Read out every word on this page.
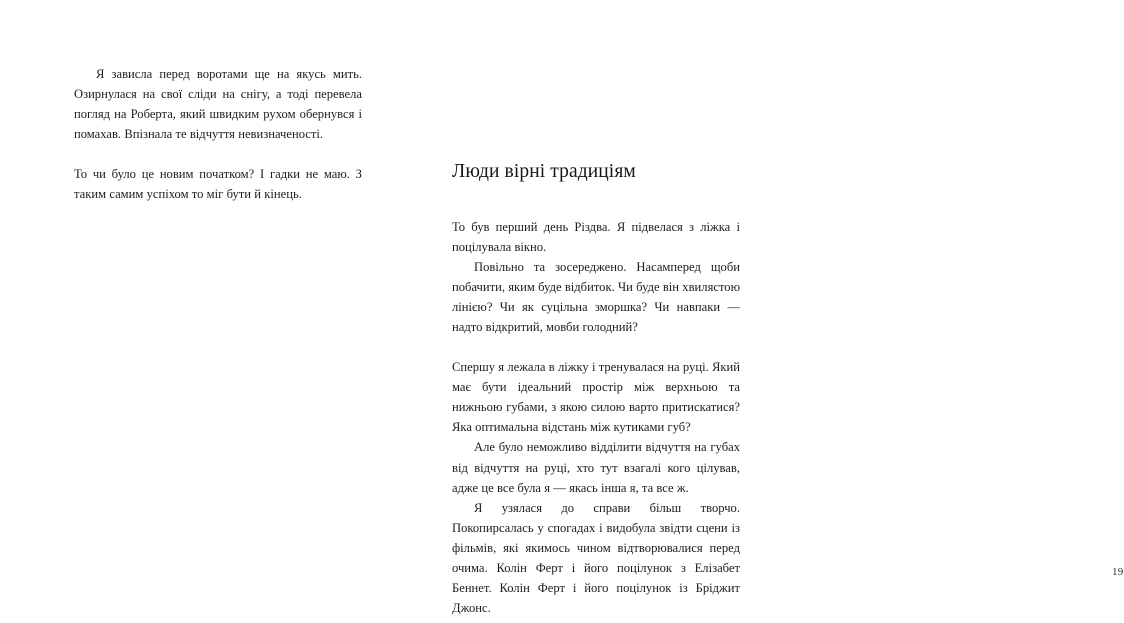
Я зависла перед воротами ще на якусь мить. Озирнулася на свої сліди на снігу, а тоді перевела погляд на Роберта, який швидким рухом обернувся і помахав. Впізнала те відчуття невизначеності.

То чи було це новим початком? І гадки не маю. З таким самим успіхом то міг бути й кінець.

Люди вірні традиціям

То був перший день Різдва. Я підвелася з ліжка і поцілувала вікно.

Повільно та зосереджено. Насамперед щоби побачити, яким буде відбиток. Чи буде він хвилястою лінією? Чи як суцільна зморшка? Чи навпаки — надто відкритий, мовби голодний?

Спершу я лежала в ліжку і тренувалася на руці. Який має бути ідеальний простір між верхньою та нижньою губами, з якою силою варто притискатися? Яка оптимальна відстань між кутиками губ?

Але було неможливо відділити відчуття на губах від відчуття на руці, хто тут взагалі кого цілував, адже це все була я — якась інша я, та все ж.

Я узялася до справи більш творчо. Покопирсалась у спогадах і видобула звідти сцени із фільмів, які якимось чином відтворювалися перед очима. Колін Ферт і його поцілунок з Елізабет Беннет. Колін Ферт і його поцілунок із Бріджит Джонс.

19
